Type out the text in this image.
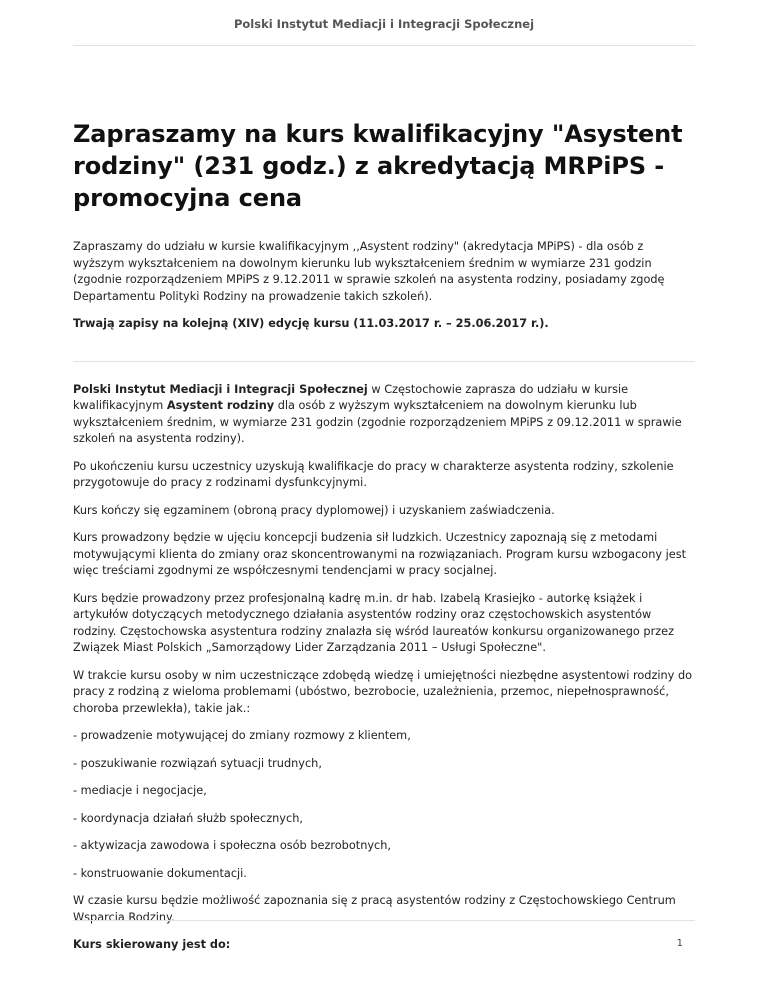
Polski Instytut Mediacji i Integracji Społecznej
Zapraszamy na kurs kwalifikacyjny "Asystent rodziny" (231 godz.) z akredytacją MRPiPS - promocyjna cena

Zapraszamy do udziału w kursie kwalifikacyjnym ,,Asystent rodziny" (akredytacja MPiPS) - dla osób z wyższym wykształceniem na dowolnym kierunku lub wykształceniem średnim w wymiarze 231 godzin (zgodnie rozporządzeniem MPiPS z 9.12.2011 w sprawie szkoleń na asystenta rodziny, posiadamy zgodę Departamentu Polityki Rodziny na prowadzenie takich szkoleń).

Trwają zapisy na kolejną (XIV) edycję kursu (11.03.2017 r. – 25.06.2017 r.).

Polski Instytut Mediacji i Integracji Społecznej w Częstochowie zaprasza do udziału w kursie kwalifikacyjnym Asystent rodziny dla osób z wyższym wykształceniem na dowolnym kierunku lub wykształceniem średnim, w wymiarze 231 godzin (zgodnie rozporządzeniem MPiPS z 09.12.2011 w sprawie szkoleń na asystenta rodziny).

Po ukończeniu kursu uczestnicy uzyskują kwalifikacje do pracy w charakterze asystenta rodziny, szkolenie przygotowuje do pracy z rodzinami dysfunkcyjnymi.

Kurs kończy się egzaminem (obroną pracy dyplomowej) i uzyskaniem zaświadczenia.

Kurs prowadzony będzie w ujęciu koncepcji budzenia sił ludzkich. Uczestnicy zapoznają się z metodami motywującymi klienta do zmiany oraz skoncentrowanymi na rozwiązaniach. Program kursu wzbogacony jest więc treściami zgodnymi ze współczesnymi tendencjami w pracy socjalnej.

Kurs będzie prowadzony przez profesjonalną kadrę m.in. dr hab. Izabelą Krasiejko - autorkę książek i artykułów dotyczących metodycznego działania asystentów rodziny oraz częstochowskich asystentów rodziny. Częstochowska asystentura rodziny znalazła się wśród laureatów konkursu organizowanego przez Związek Miast Polskich „Samorządowy Lider Zarządzania 2011 – Usługi Społeczne".

W trakcie kursu osoby w nim uczestniczące zdobędą wiedzę i umiejętności niezbędne asystentowi rodziny do pracy z rodziną z wieloma problemami (ubóstwo, bezrobocie, uzależnienia, przemoc, niepełnosprawność, choroba przewlekła), takie jak.:

- prowadzenie motywującej do zmiany rozmowy z klientem,

- poszukiwanie rozwiązań sytuacji trudnych,

- mediacje i negocjacje,

- koordynacja działań służb społecznych,

- aktywizacja zawodowa i społeczna osób bezrobotnych,

- konstruowanie dokumentacji.

W czasie kursu będzie możliwość zapoznania się z pracą asystentów rodziny z Częstochowskiego Centrum Wsparcia Rodziny.

Kurs skierowany jest do:	1
